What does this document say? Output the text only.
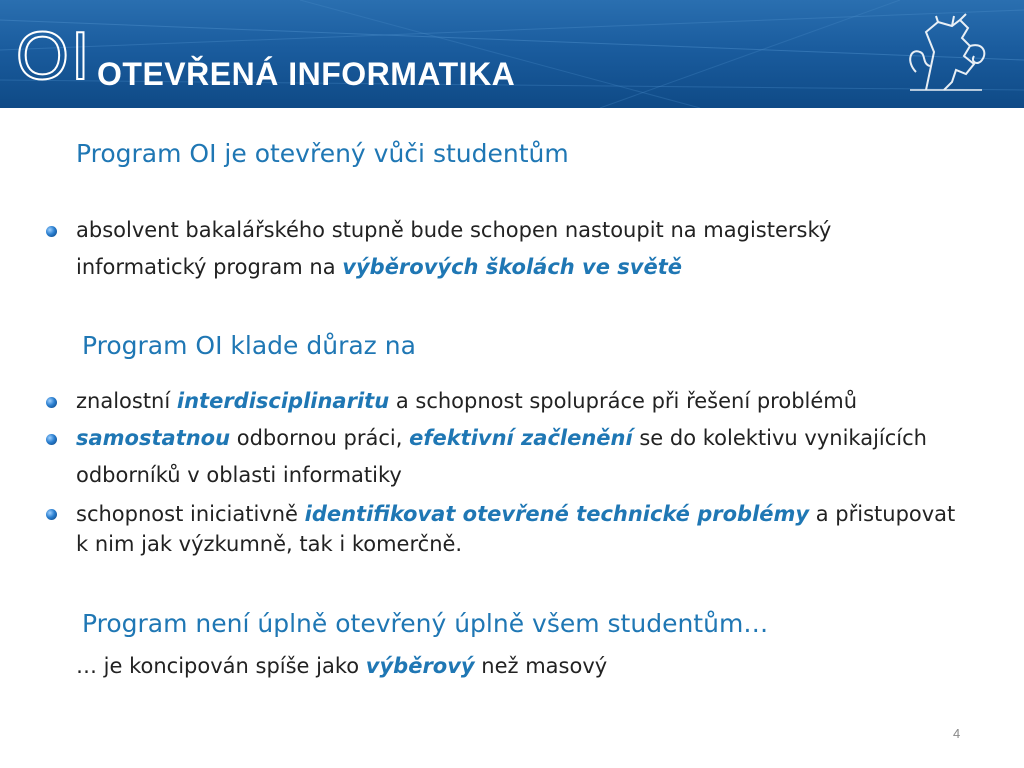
OI OTEVŘENÁ INFORMATIKA
Program OI je otevřený vůči studentům
absolvent bakalářského stupně bude schopen nastoupit na magisterský
informatický program na výběrových školách ve světě
Program OI klade důraz na
znalostní interdisciplinaritu a schopnost spolupráce při řešení problémů
samostatnou odbornou práci, efektivní začlenění se do kolektivu vynikajících
odborníků v oblasti informatiky
schopnost iniciativně identifikovat otevřené technické problémy a přistupovat
k nim jak výzkumně, tak i komerčně.
Program není úplně otevřený úplně všem studentům…
… je koncipován spíše jako výběrový než masový
4
